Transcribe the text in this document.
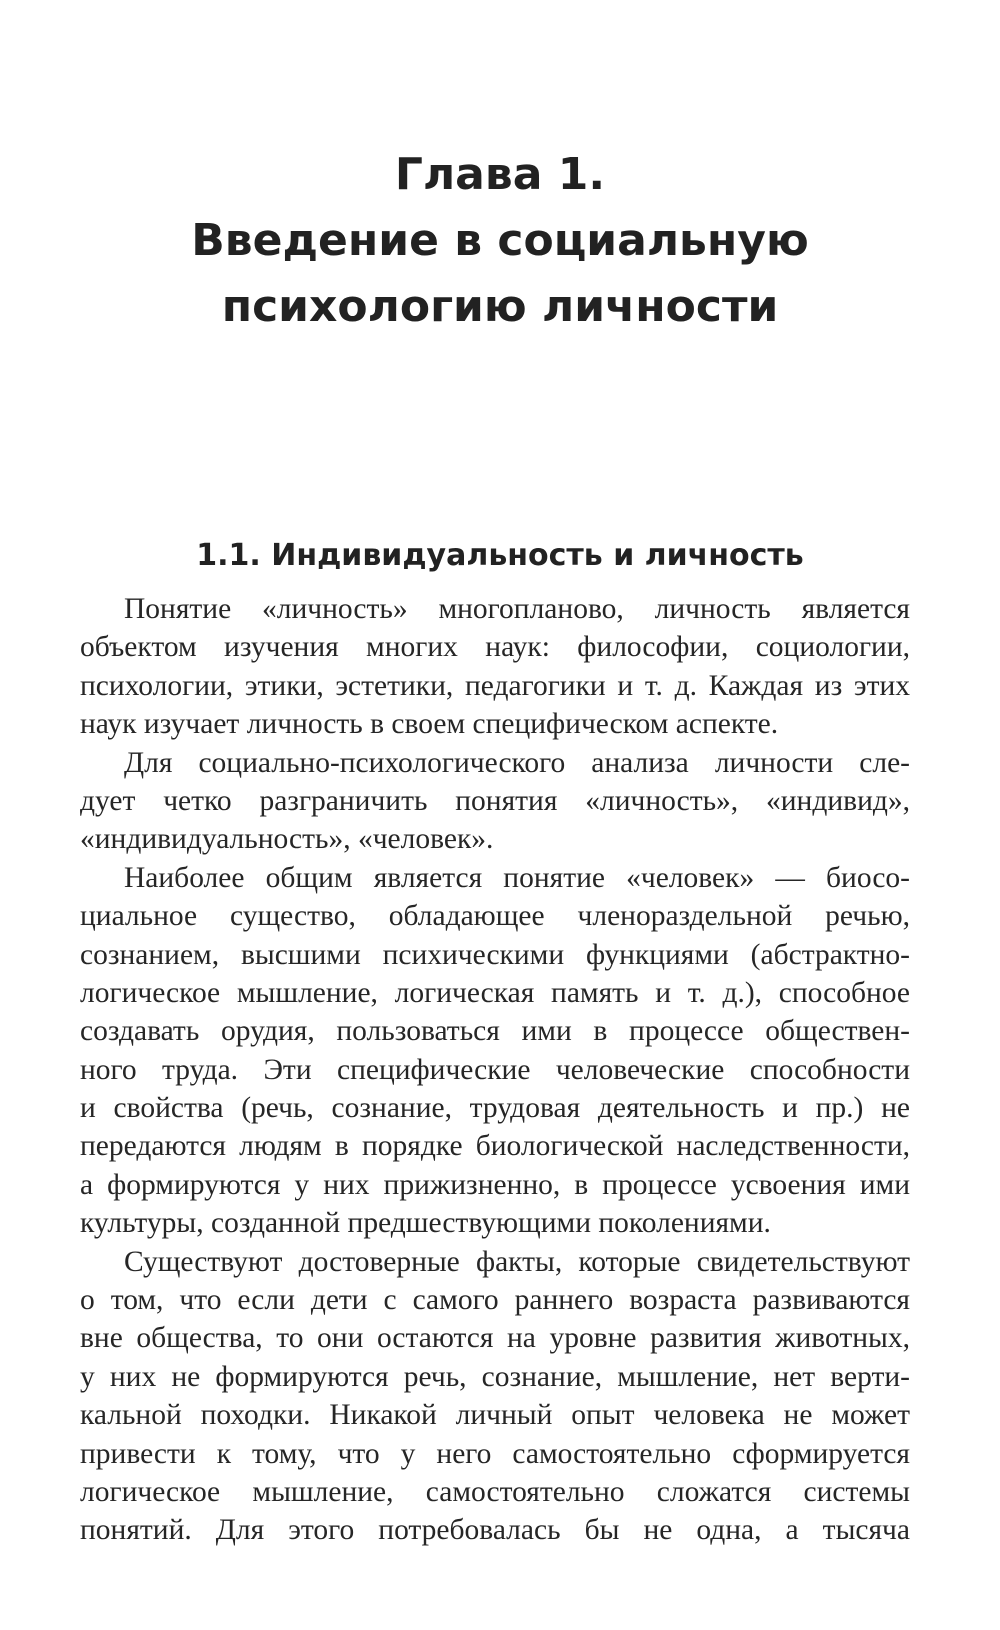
Глава 1.
Введение в социальную
психологию личности
1.1. Индивидуальность и личность
Понятие «личность» многопланово, личность является
объектом изучения многих наук: философии, социологии,
психологии, этики, эстетики, педагогики и т. д. Каждая из этих
наук изучает личность в своем специфическом аспекте.
Для социально-психологического анализа личности сле-
дует четко разграничить понятия «личность», «индивид»,
«индивидуальность», «человек».
Наиболее общим является понятие «человек» — биосо-
циальное существо, обладающее членораздельной речью,
сознанием, высшими психическими функциями (абстрактно-
логическое мышление, логическая память и т. д.), способное
создавать орудия, пользоваться ими в процессе обществен-
ного труда. Эти специфические человеческие способности
и свойства (речь, сознание, трудовая деятельность и пр.) не
передаются людям в порядке биологической наследственности,
а формируются у них прижизненно, в процессе усвоения ими
культуры, созданной предшествующими поколениями.
Существуют достоверные факты, которые свидетельствуют
о том, что если дети с самого раннего возраста развиваются
вне общества, то они остаются на уровне развития животных,
у них не формируются речь, сознание, мышление, нет верти-
кальной походки. Никакой личный опыт человека не может
привести к тому, что у него самостоятельно сформируется
логическое мышление, самостоятельно сложатся системы
понятий. Для этого потребовалась бы не одна, а тысяча
